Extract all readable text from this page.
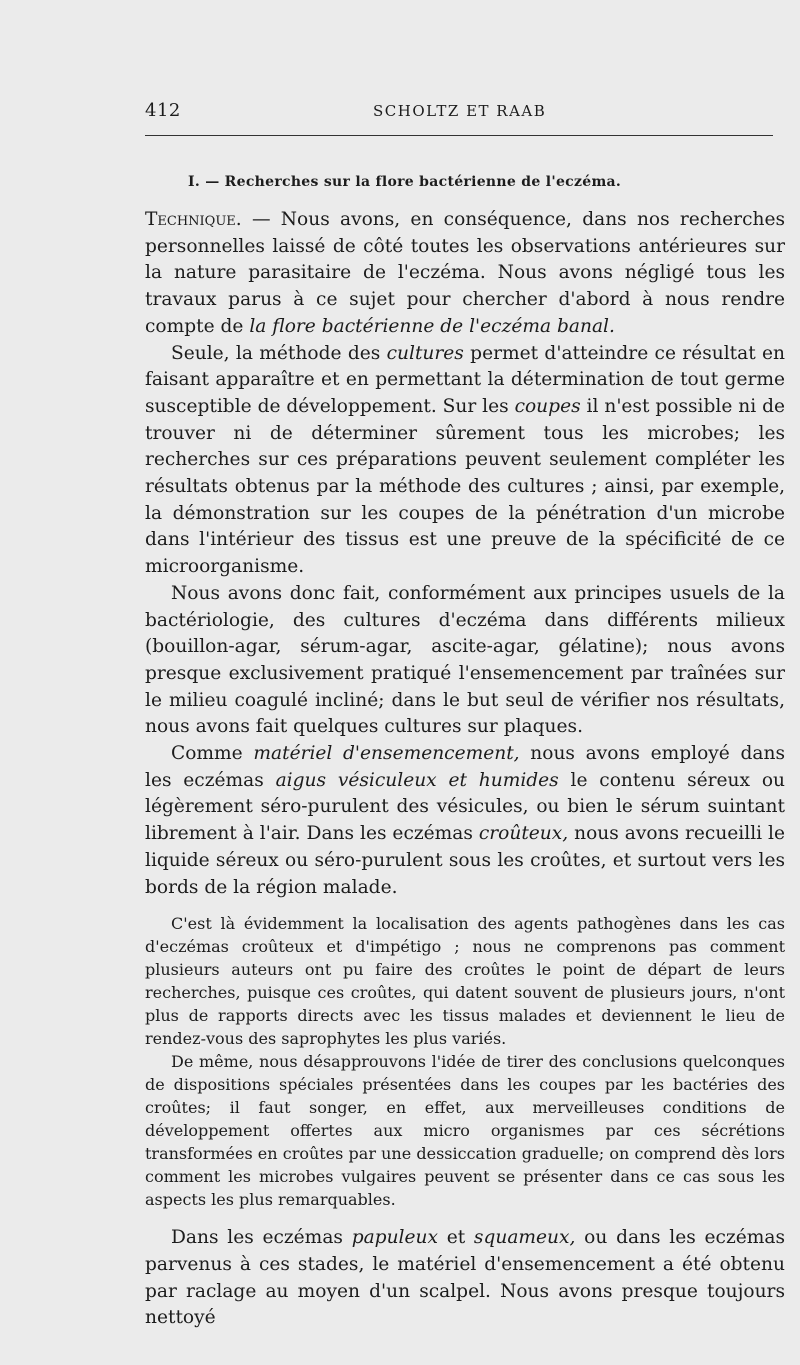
412	SCHOLTZ ET RAAB
I. — Recherches sur la flore bactérienne de l'eczéma.

Technique. — Nous avons, en conséquence, dans nos recherches personnelles laissé de côté toutes les observations antérieures sur la nature parasitaire de l'eczéma. Nous avons négligé tous les travaux parus à ce sujet pour chercher d'abord à nous rendre compte de la flore bactérienne de l'eczéma banal.

Seule, la méthode des cultures permet d'atteindre ce résultat en faisant apparaître et en permettant la détermination de tout germe susceptible de développement. Sur les coupes il n'est possible ni de trouver ni de déterminer sûrement tous les microbes; les recherches sur ces préparations peuvent seulement compléter les résultats obtenus par la méthode des cultures ; ainsi, par exemple, la démonstration sur les coupes de la pénétration d'un microbe dans l'intérieur des tissus est une preuve de la spécificité de ce microorganisme.

Nous avons donc fait, conformément aux principes usuels de la bactériologie, des cultures d'eczéma dans différents milieux (bouillon-agar, sérum-agar, ascite-agar, gélatine); nous avons presque exclusivement pratiqué l'ensemencement par traînées sur le milieu coagulé incliné; dans le but seul de vérifier nos résultats, nous avons fait quelques cultures sur plaques.

Comme matériel d'ensemencement, nous avons employé dans les eczémas aigus vésiculeux et humides le contenu séreux ou légèrement séro-purulent des vésicules, ou bien le sérum suintant librement à l'air. Dans les eczémas croûteux, nous avons recueilli le liquide séreux ou séro-purulent sous les croûtes, et surtout vers les bords de la région malade.

C'est là évidemment la localisation des agents pathogènes dans les cas d'eczémas croûteux et d'impétigo ; nous ne comprenons pas comment plusieurs auteurs ont pu faire des croûtes le point de départ de leurs recherches, puisque ces croûtes, qui datent souvent de plusieurs jours, n'ont plus de rapports directs avec les tissus malades et deviennent le lieu de rendez-vous des saprophytes les plus variés.

De même, nous désapprouvons l'idée de tirer des conclusions quelconques de dispositions spéciales présentées dans les coupes par les bactéries des croûtes; il faut songer, en effet, aux merveilleuses conditions de développement offertes aux micro organismes par ces sécrétions transformées en croûtes par une dessiccation graduelle; on comprend dès lors comment les microbes vulgaires peuvent se présenter dans ce cas sous les aspects les plus remarquables.

Dans les eczémas papuleux et squameux, ou dans les eczémas parvenus à ces stades, le matériel d'ensemencement a été obtenu par raclage au moyen d'un scalpel. Nous avons presque toujours nettoyé
